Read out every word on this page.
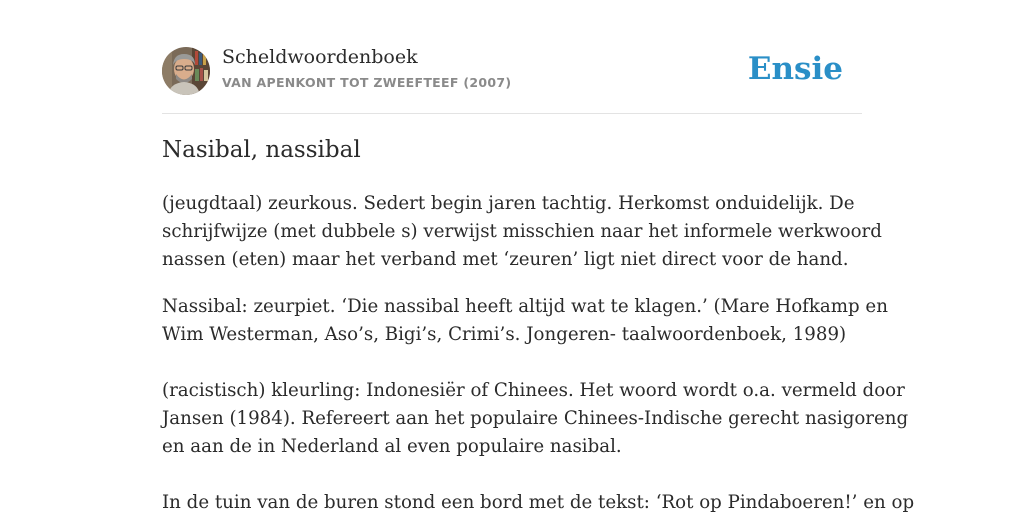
Scheldwoordenboek
VAN APENKONT TOT ZWEEFTEEF (2007)	Ensie
Nasibal, nassibal

(jeugdtaal) zeurkous. Sedert begin jaren tachtig. Herkomst onduidelijk. De

schrijfwijze (met dubbele s) verwijst misschien naar het informele werkwoord

nassen (eten) maar het verband met ‘zeuren’ ligt niet direct voor de hand.

Nassibal: zeurpiet. ‘Die nassibal heeft altijd wat te klagen.’ (Mare Hofkamp en

Wim Westerman, Aso’s, Bigi’s, Crimi’s. Jongeren- taalwoordenboek, 1989)

(racistisch) kleurling: Indonesiër of Chinees. Het woord wordt o.a. vermeld door

Jansen (1984). Refereert aan het populaire Chinees-Indische gerecht nasigoreng

en aan de in Nederland al even populaire nasibal.

In de tuin van de buren stond een bord met de tekst: ‘Rot op Pindaboeren!’ en op
